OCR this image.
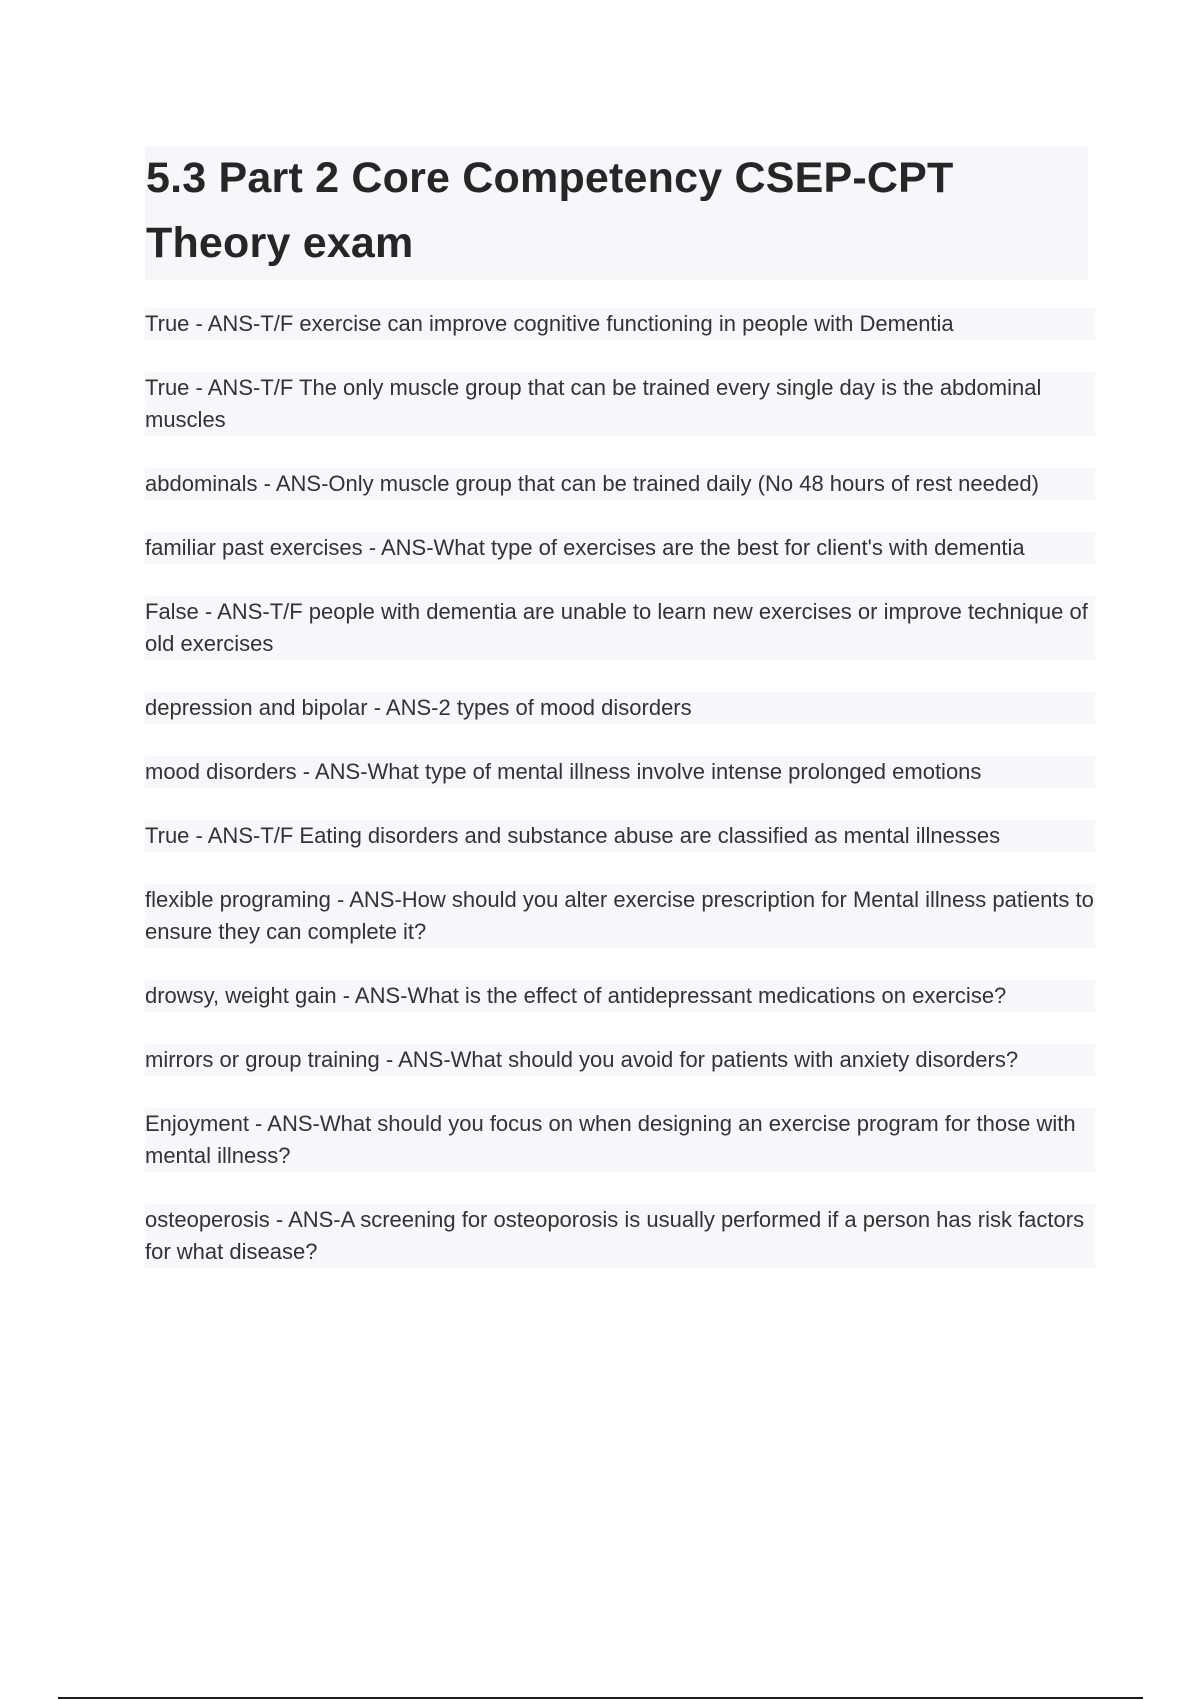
5.3 Part 2 Core Competency CSEP-CPT Theory exam
True - ANS-T/F exercise can improve cognitive functioning in people with Dementia
True - ANS-T/F The only muscle group that can be trained every single day is the abdominal muscles
abdominals - ANS-Only muscle group that can be trained daily (No 48 hours of rest needed)
familiar past exercises - ANS-What type of exercises are the best for client's with dementia
False - ANS-T/F people with dementia are unable to learn new exercises or improve technique of old exercises
depression and bipolar - ANS-2 types of mood disorders
mood disorders - ANS-What type of mental illness involve intense prolonged emotions
True - ANS-T/F Eating disorders and substance abuse are classified as mental illnesses
flexible programing - ANS-How should you alter exercise prescription for Mental illness patients to ensure they can complete it?
drowsy, weight gain - ANS-What is the effect of antidepressant medications on exercise?
mirrors or group training - ANS-What should you avoid for patients with anxiety disorders?
Enjoyment - ANS-What should you focus on when designing an exercise program for those with mental illness?
osteoperosis - ANS-A screening for osteoporosis is usually performed if a person has risk factors for what disease?
